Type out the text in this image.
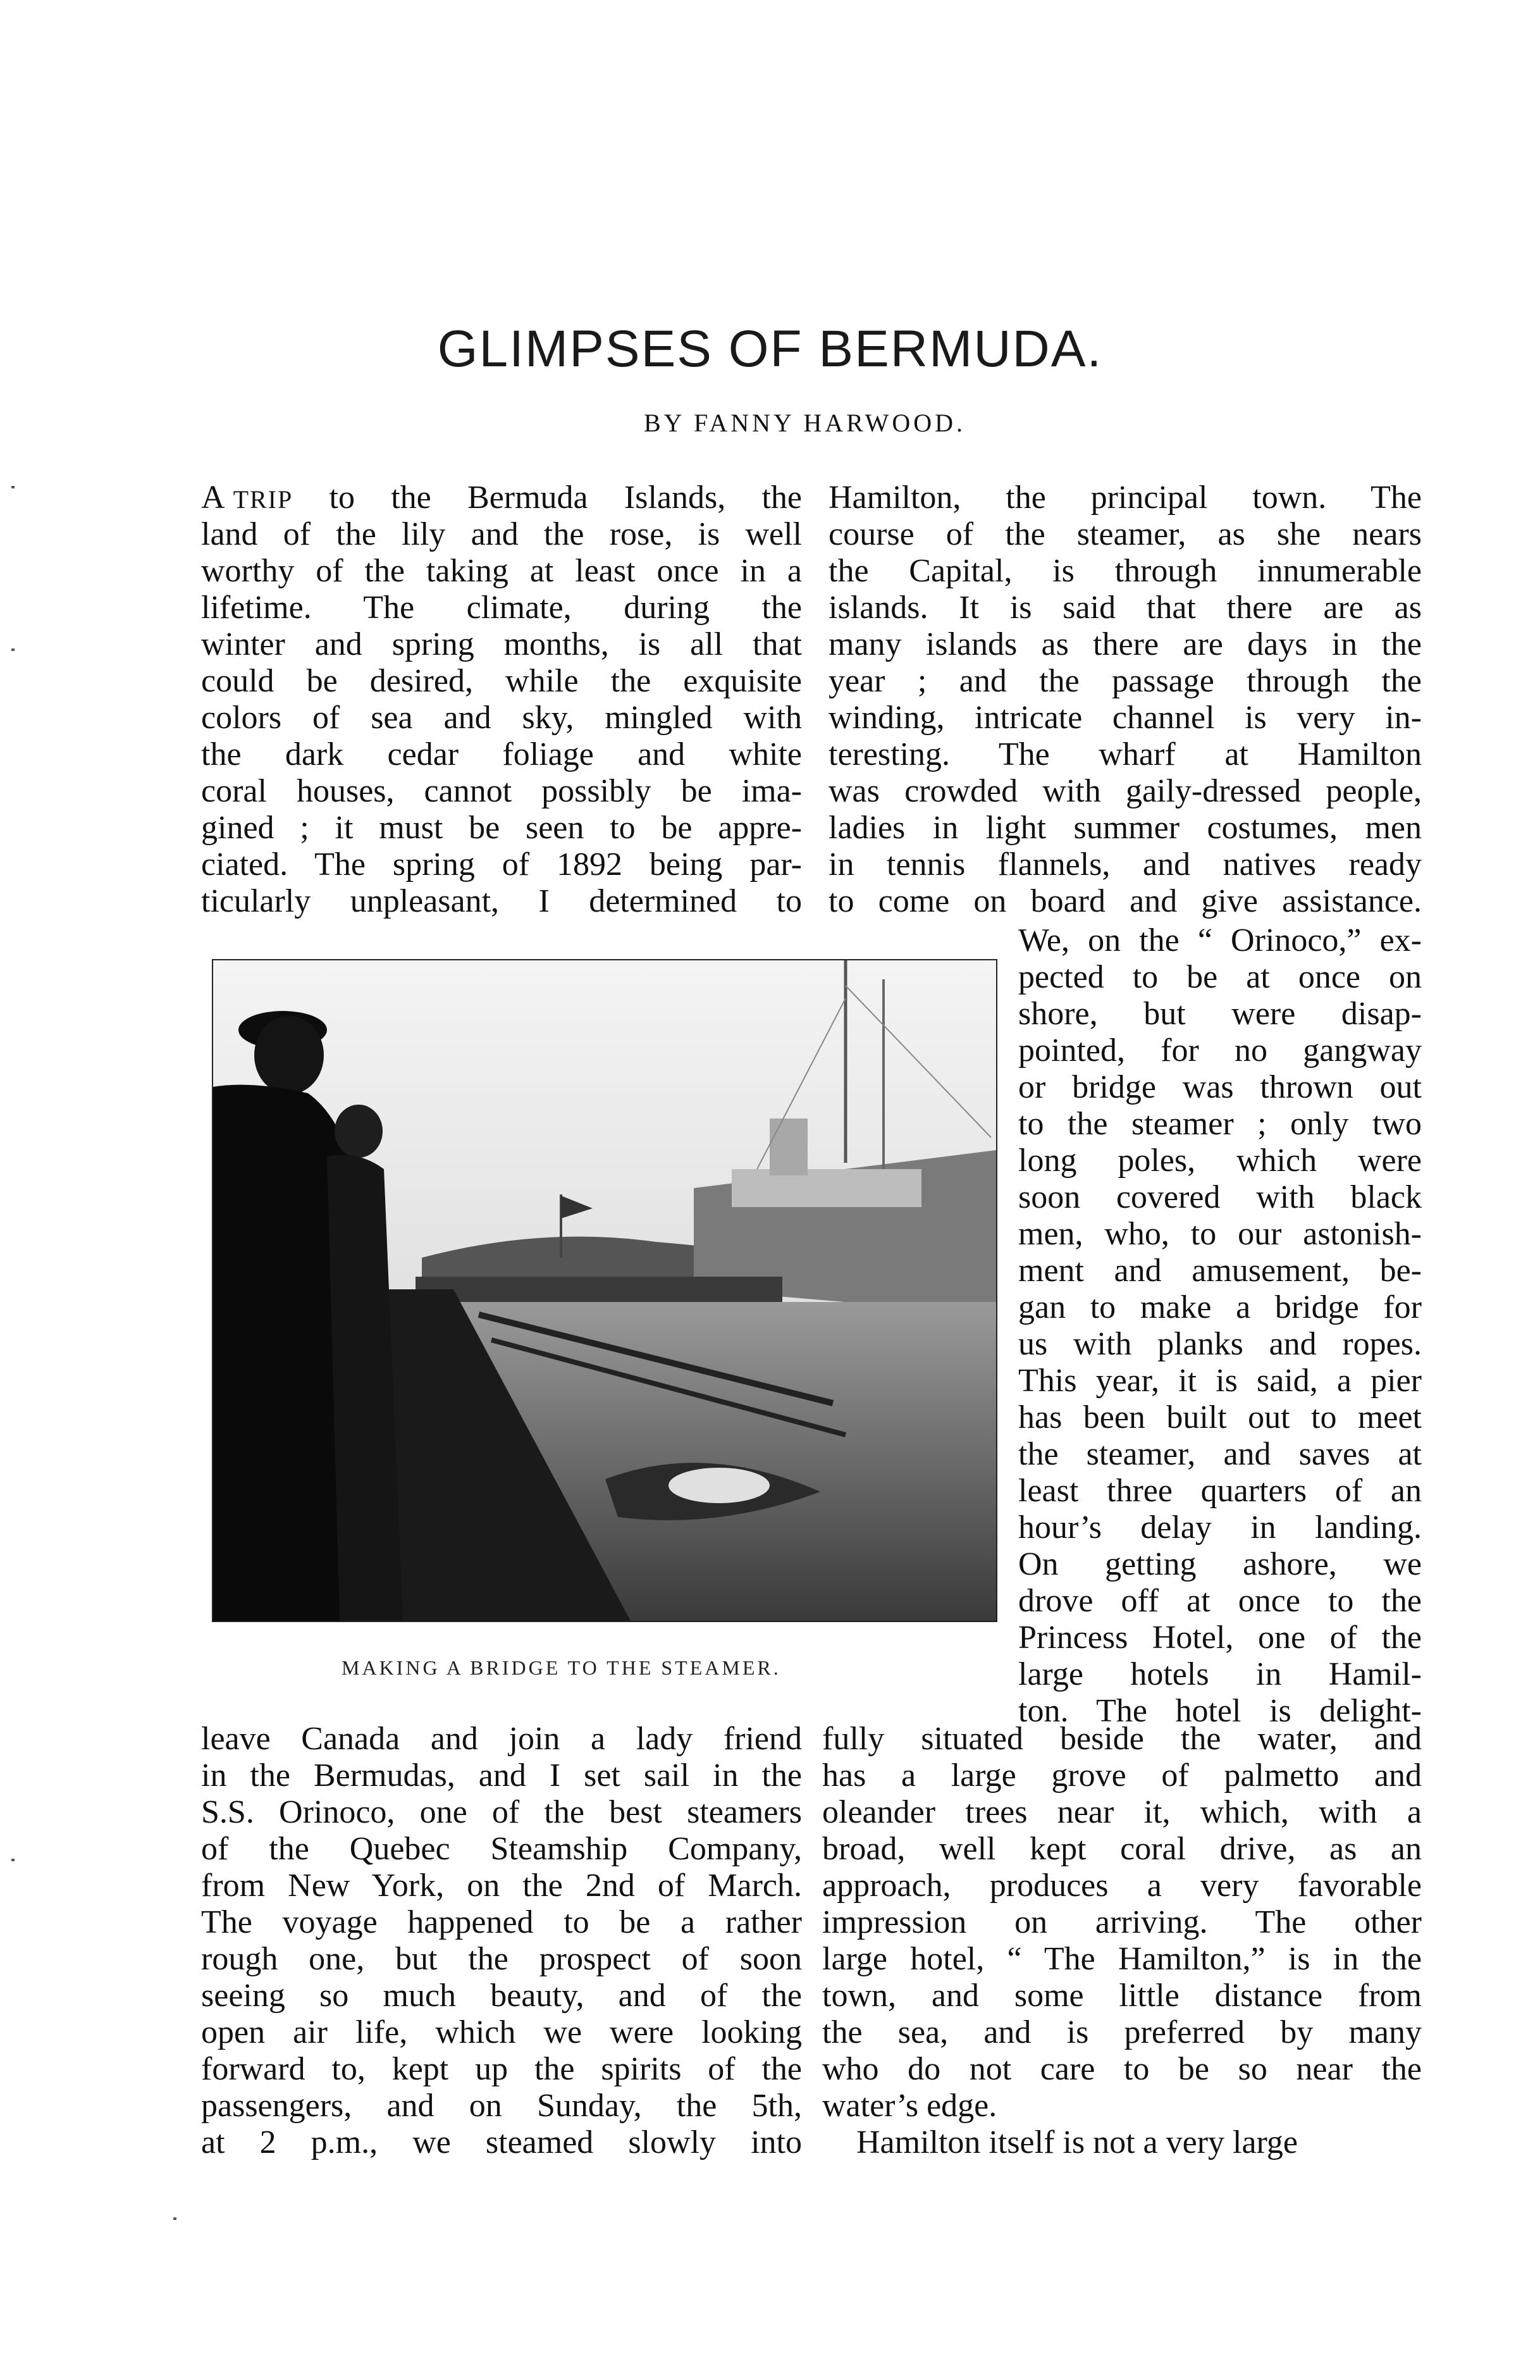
GLIMPSES OF BERMUDA.
BY FANNY HARWOOD.
A  TRIP to the Bermuda Islands, the
land of the lily and the rose, is well
worthy of the taking at least once in a
lifetime. The climate, during the
winter and spring months, is all that
could be desired, while the exquisite
colors of sea and sky, mingled with
the dark cedar foliage and white
coral houses, cannot possibly be ima-
gined ; it must be seen to be appre-
ciated. The spring of 1892 being par-
ticularly unpleasant, I determined to
Hamilton, the principal town. The
course of the steamer, as she nears
the Capital, is through innumerable
islands. It is said that there are as
many islands as there are days in the
year ; and the passage through the
winding, intricate channel is very in-
teresting. The wharf at Hamilton
was crowded with gaily-dressed people,
ladies in light summer costumes, men
in tennis flannels, and natives ready
to come on board and give assistance.
MAKING A BRIDGE TO THE STEAMER.
We, on the “ Orinoco,” ex-
pected to be at once on
shore, but were disap-
pointed, for no gangway
or bridge was thrown out
to the steamer ; only two
long poles, which were
soon covered with black
men, who, to our astonish-
ment and amusement, be-
gan to make a bridge for
us with planks and ropes.
This year, it is said, a pier
has been built out to meet
the steamer, and saves at
least three quarters of an
hour’s delay in landing.
On getting ashore, we
drove off at once to the
Princess Hotel, one of the
large hotels in Hamil-
ton. The hotel is delight-
leave Canada and join a lady friend
in the Bermudas, and I set sail in the
S.S. Orinoco, one of the best steamers
of the Quebec Steamship Company,
from New York, on the 2nd of March.
The voyage happened to be a rather
rough one, but the prospect of soon
seeing so much beauty, and of the
open air life, which we were looking
forward to, kept up the spirits of the
passengers, and on Sunday, the 5th,
at 2 p.m., we steamed slowly into
fully situated beside the water, and
has a large grove of palmetto and
oleander trees near it, which, with a
broad, well kept coral drive, as an
approach, produces a very favorable
impression on arriving. The other
large hotel, “ The Hamilton,” is in the
town, and some little distance from
the sea, and is preferred by many
who do not care to be so near the
water’s edge.
Hamilton itself is not a very large
